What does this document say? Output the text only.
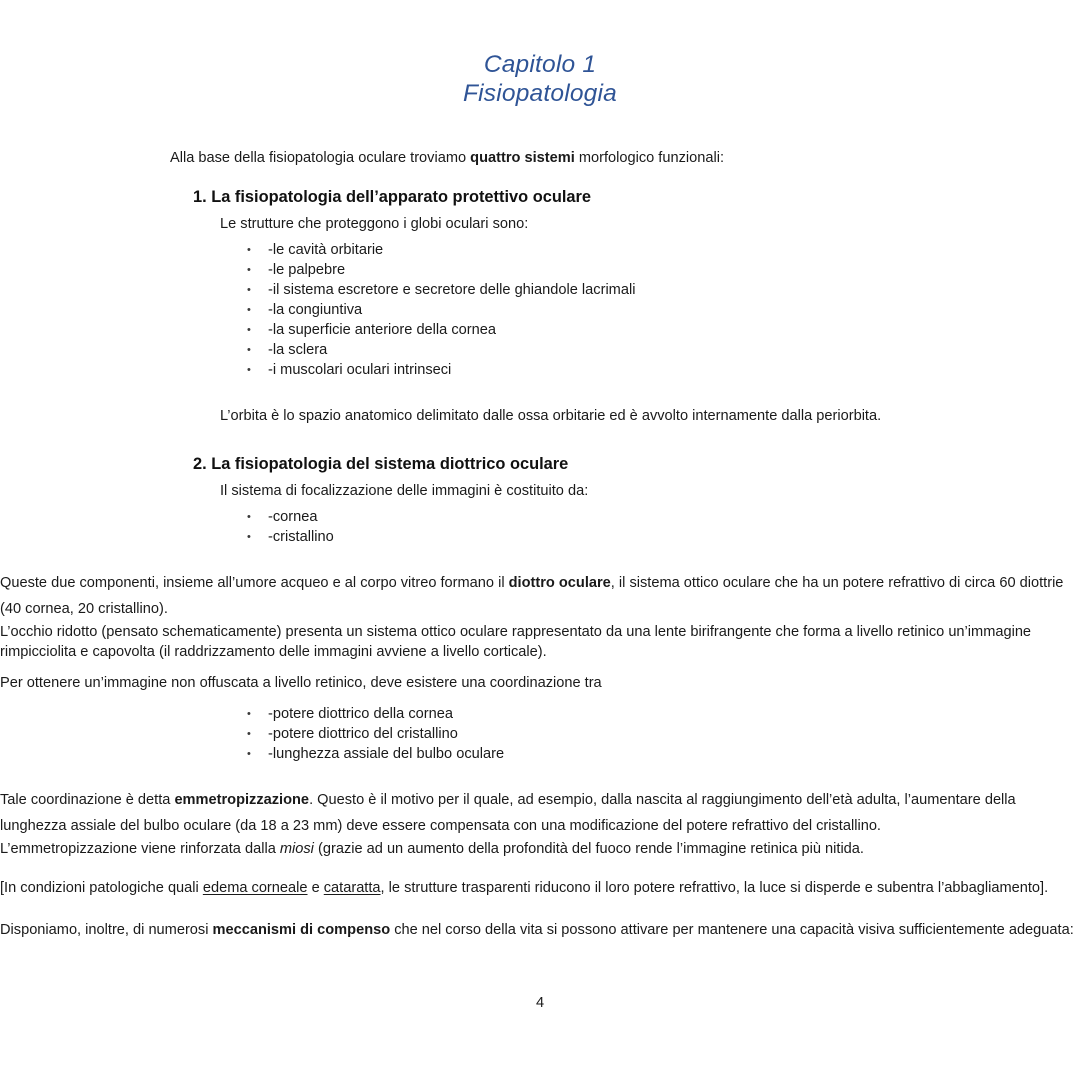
Capitolo 1
Fisiopatologia

Alla base della fisiopatologia oculare troviamo quattro sistemi morfologico funzionali:

1. La fisiopatologia dell’apparato protettivo oculare
Le strutture che proteggono i globi oculari sono:
• -le cavità orbitarie
• -le palpebre
• -il sistema escretore e secretore delle ghiandole lacrimali
• -la congiuntiva
• -la superficie anteriore della cornea
• -la sclera
• -i muscolari oculari intrinseci
L’orbita è lo spazio anatomico delimitato dalle ossa orbitarie ed è avvolto internamente dalla periorbita.
2. La fisiopatologia del sistema diottrico oculare
Il sistema di focalizzazione delle immagini è costituito da:
• -cornea
• -cristallino

Queste due componenti, insieme all’umore acqueo e al corpo vitreo formano il diottro oculare, il sistema ottico oculare che ha un potere refrattivo di circa 60 diottrie (40 cornea, 20 cristallino).

L’occhio ridotto (pensato schematicamente) presenta un sistema ottico oculare rappresentato da una lente birifrangente che forma a livello retinico un’immagine rimpicciolita e capovolta (il raddrizzamento delle immagini avviene a livello corticale).

Per ottenere un’immagine non offuscata a livello retinico, deve esistere una coordinazione tra

• -potere diottrico della cornea
• -potere diottrico del cristallino
• -lunghezza assiale del bulbo oculare

Tale coordinazione è detta emmetropizzazione. Questo è il motivo per il quale, ad esempio, dalla nascita al raggiungimento dell’età adulta, l’aumentare della lunghezza assiale del bulbo oculare (da 18 a 23 mm) deve essere compensata con una modificazione del potere refrattivo del cristallino.

L’emmetropizzazione viene rinforzata dalla miosi (grazie ad un aumento della profondità del fuoco rende l’immagine retinica più nitida.

[In condizioni patologiche quali edema corneale e cataratta, le strutture trasparenti riducono il loro potere refrattivo, la luce si disperde e subentra l’abbagliamento].

Disponiamo, inoltre, di numerosi meccanismi di compenso che nel corso della vita si possono attivare per mantenere una capacità visiva sufficientemente adeguata:

4
